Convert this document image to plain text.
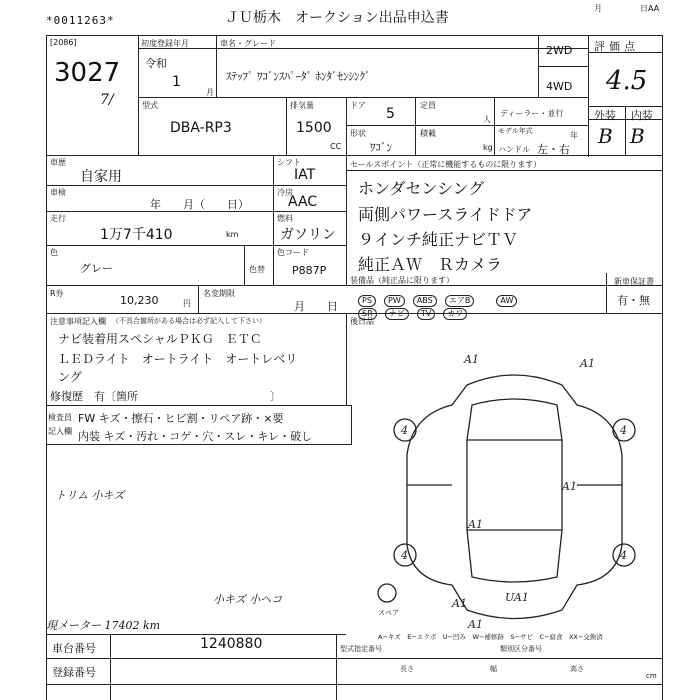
*0011263*	ＪＵ栃木　オークション出品申込書
月	日AA
[2086]
3027
7/
初度登録年月
令和
1
月
車名・グレード
ｽﾃｯﾌﾟ ﾜｺﾞﾝｽﾊﾟｰﾀﾞ ﾎﾝﾀﾞｾﾝｼﾝｸﾞ
2WD
4WD
型式
DBA-RP3
排気量
1500
CC
ドア
5
定員
人
ディーラー・並行
形状
ﾜｺﾞﾝ
積載
kg
モデル年式	年
ハンドル 左・右
評価点
4.5
外装 内装
B B
車歴
自家用
シフト
IAT
車検
年　　月（　　日）
冷房
AAC
走行
1万7千410	km
燃料
ガソリン
色
グレー	色替
色コード
P887P
R券
10,230	円
名変期限
月　　日
セールスポイント（正常に機能するものに限ります）
ホンダセンシング
両側パワースライドドア
９インチ純正ナビＴＶ
純正ＡＷ　Ｒカメラ
装備品（純正品に限ります）
PS PW ABS エアB	AW

新車保証書
有・無
後日品
注意事項記入欄 （不具合箇所がある場合は必ず記入して下さい）
ナビ装着用スペシャルＰＫＧ　ＥＴＣ
ＬＥＤライト　オートライト　オートレベリ
ング
修復歴　有〔箇所　　　　　　　　　　　　〕
検査員
記入欄
FW キズ・擦石・ヒビ割・リペア跡・×要
内装 キズ・汚れ・コゲ・穴・スレ・キレ・破し
トリム 小キズ
小キズ 小ヘコ
現メーター 17402 km
A1	A1
A1
A1
A1
A1
4	4
4	4
UA1
スペア
A−キズ　E−エクボ　U−凹み　W−補修跡　S−サビ　C−腐食　XX−交換済
車台番号	1240880
登録番号
型式指定番号	類別区分番号
長さ	幅	高さ
cm
